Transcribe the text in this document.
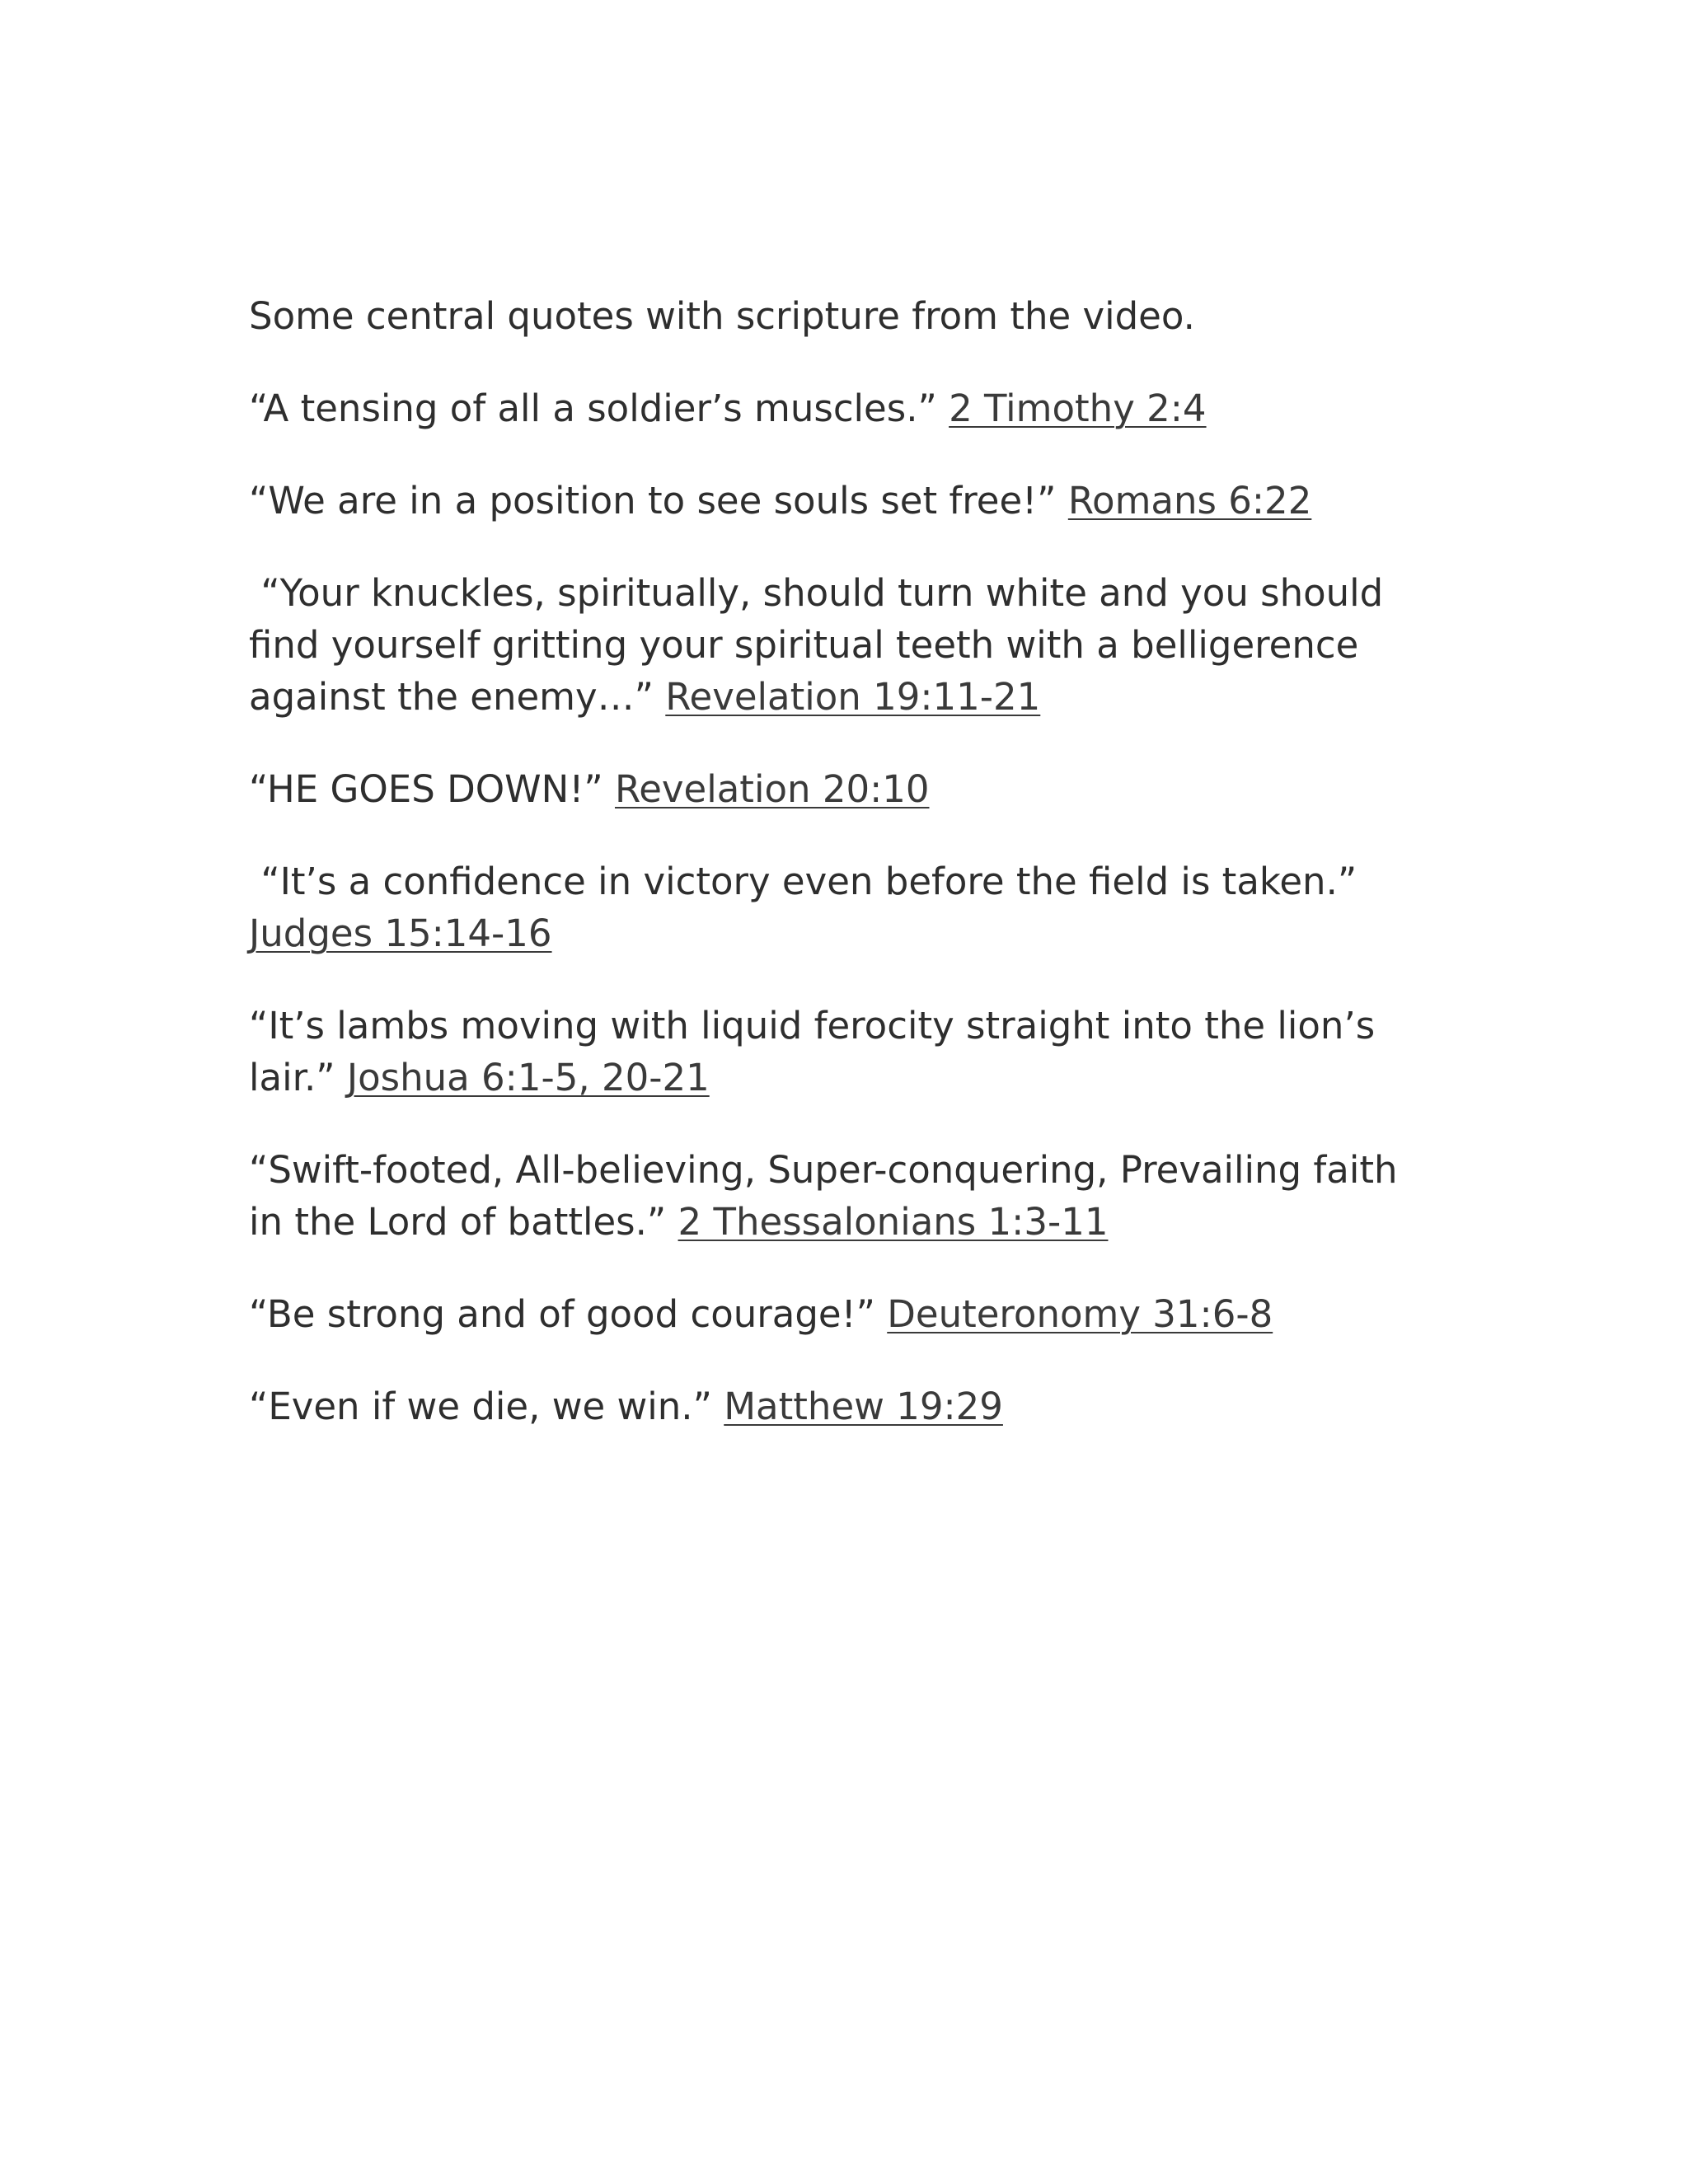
Some central quotes with scripture from the video.

“A tensing of all a soldier’s muscles.” 2 Timothy 2:4

“We are in a position to see souls set free!” Romans 6:22

“Your knuckles, spiritually, should turn white and you should find yourself gritting your spiritual teeth with a belligerence against the enemy…” Revelation 19:11-21

“HE GOES DOWN!” Revelation 20:10

“It’s a confidence in victory even before the field is taken.” Judges 15:14-16

“It’s lambs moving with liquid ferocity straight into the lion’s lair.” Joshua 6:1-5, 20-21

“Swift-footed, All-believing, Super-conquering, Prevailing faith in the Lord of battles.” 2 Thessalonians 1:3-11

“Be strong and of good courage!” Deuteronomy 31:6-8

“Even if we die, we win.” Matthew 19:29
